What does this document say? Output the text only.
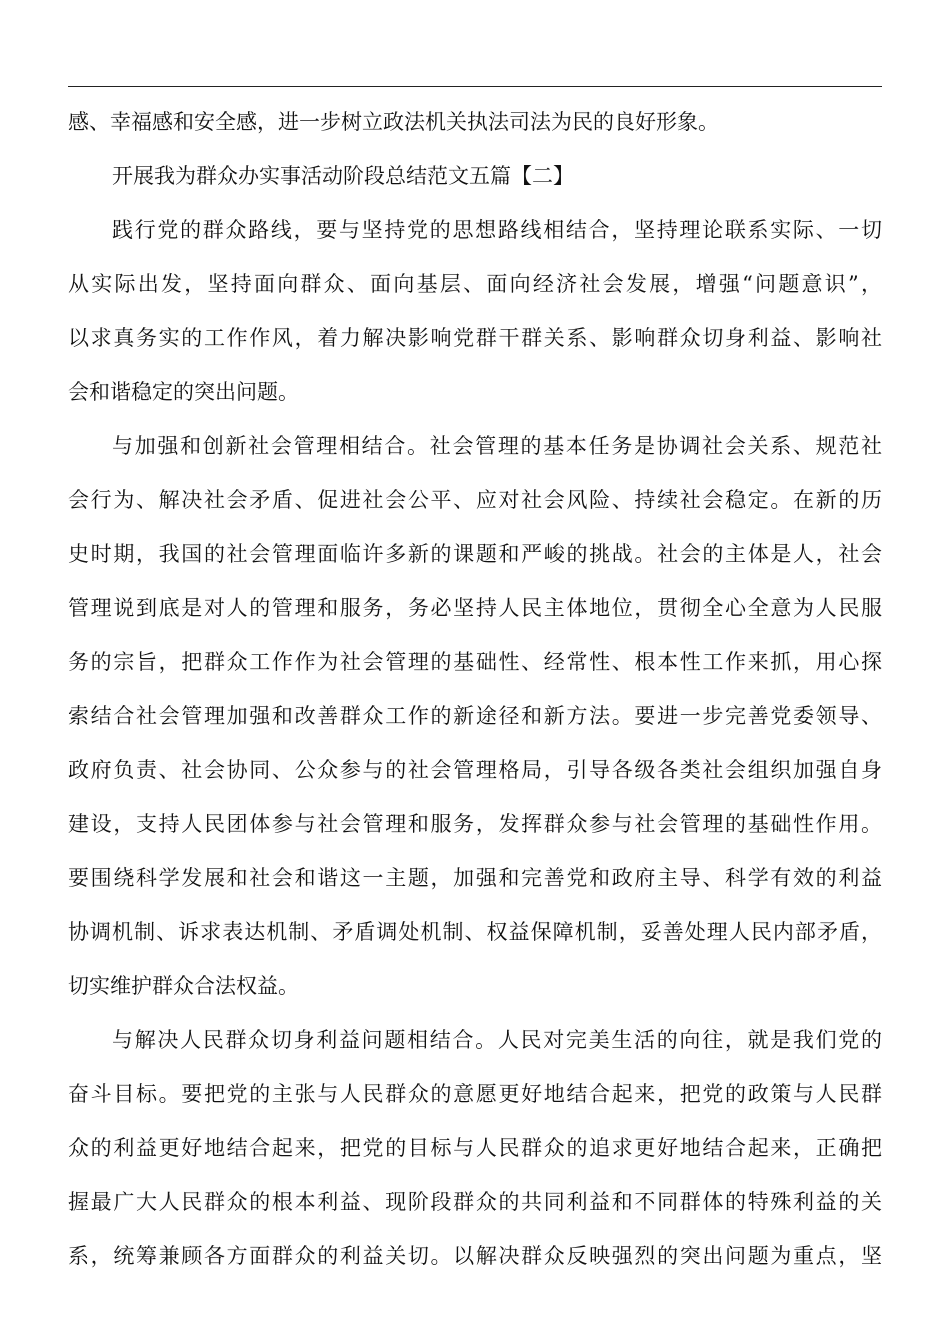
感、幸福感和安全感，进一步树立政法机关执法司法为民的良好形象。
开展我为群众办实事活动阶段总结范文五篇【二】
践行党的群众路线，要与坚持党的思想路线相结合，坚持理论联系实际、一切
从实际出发，坚持面向群众、面向基层、面向经济社会发展，增强“问题意识”，
以求真务实的工作作风，着力解决影响党群干群关系、影响群众切身利益、影响社
会和谐稳定的突出问题。
与加强和创新社会管理相结合。社会管理的基本任务是协调社会关系、规范社
会行为、解决社会矛盾、促进社会公平、应对社会风险、持续社会稳定。在新的历
史时期，我国的社会管理面临许多新的课题和严峻的挑战。社会的主体是人，社会
管理说到底是对人的管理和服务，务必坚持人民主体地位，贯彻全心全意为人民服
务的宗旨，把群众工作作为社会管理的基础性、经常性、根本性工作来抓，用心探
索结合社会管理加强和改善群众工作的新途径和新方法。要进一步完善党委领导、
政府负责、社会协同、公众参与的社会管理格局，引导各级各类社会组织加强自身
建设，支持人民团体参与社会管理和服务，发挥群众参与社会管理的基础性作用。
要围绕科学发展和社会和谐这一主题，加强和完善党和政府主导、科学有效的利益
协调机制、诉求表达机制、矛盾调处机制、权益保障机制，妥善处理人民内部矛盾，
切实维护群众合法权益。
与解决人民群众切身利益问题相结合。人民对完美生活的向往，就是我们党的
奋斗目标。要把党的主张与人民群众的意愿更好地结合起来，把党的政策与人民群
众的利益更好地结合起来，把党的目标与人民群众的追求更好地结合起来，正确把
握最广大人民群众的根本利益、现阶段群众的共同利益和不同群体的特殊利益的关
系，统筹兼顾各方面群众的利益关切。以解决群众反映强烈的突出问题为重点，坚
